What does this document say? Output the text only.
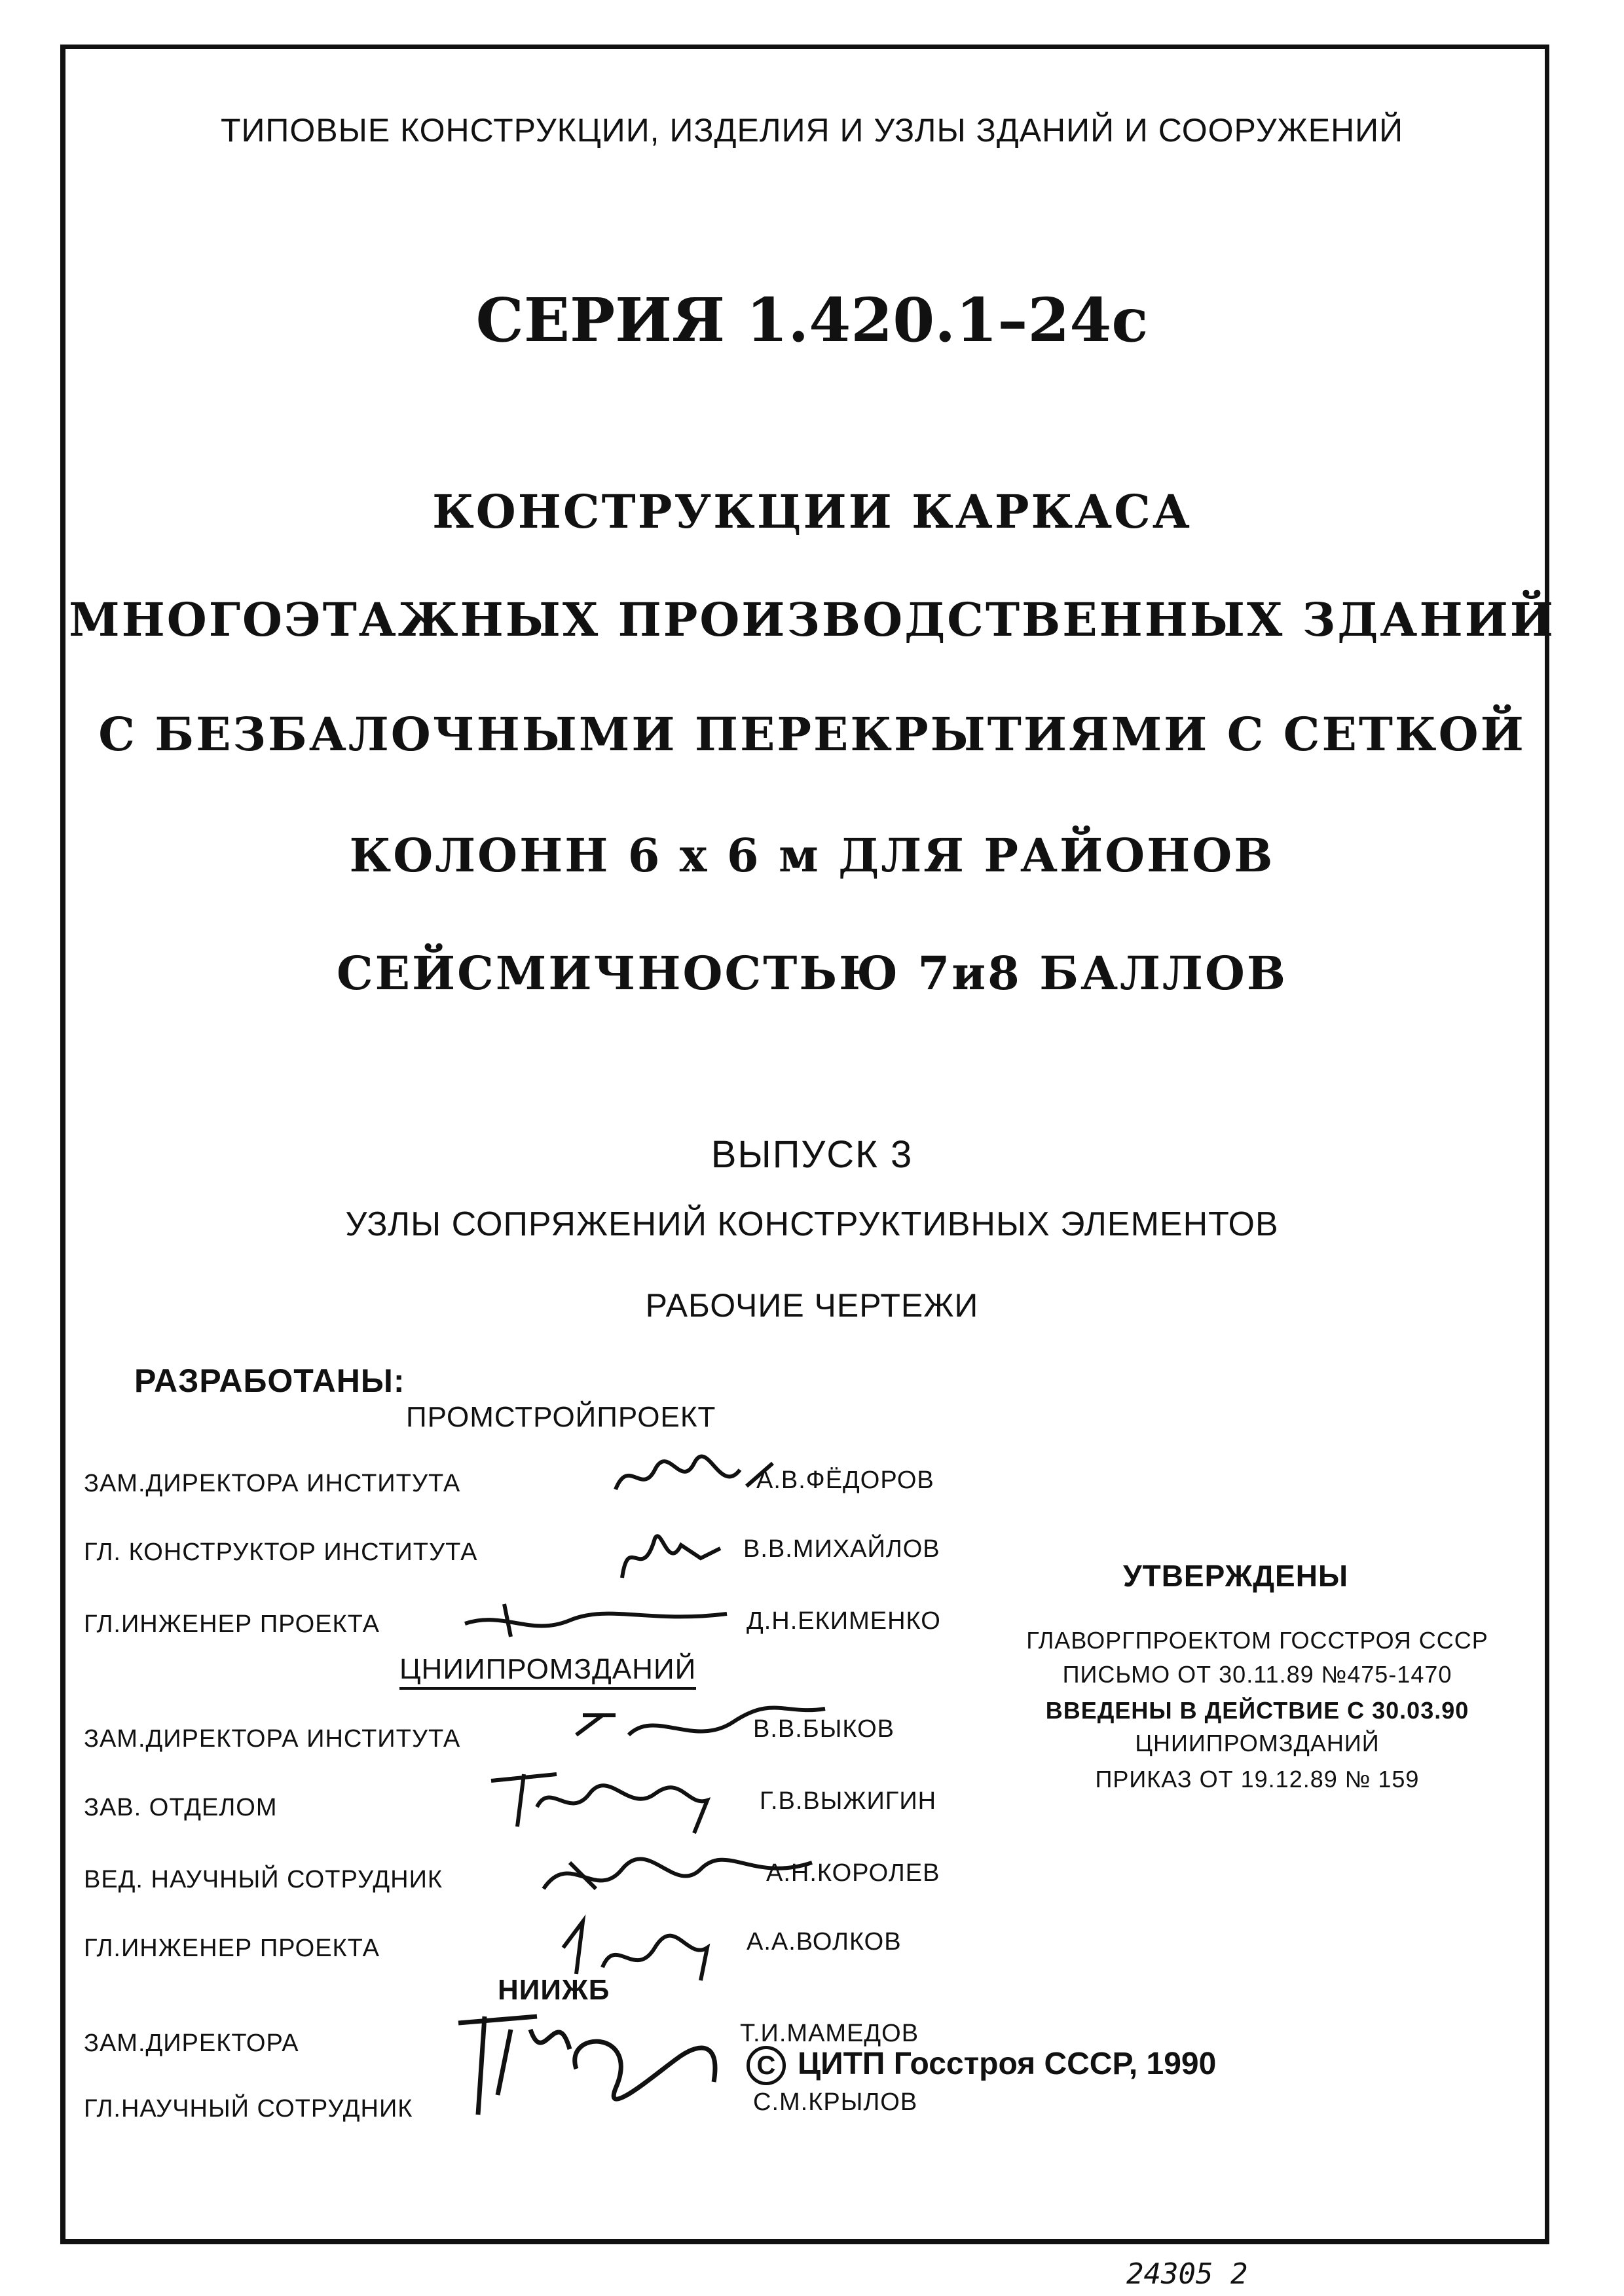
ТИПОВЫЕ КОНСТРУКЦИИ, ИЗДЕЛИЯ И УЗЛЫ ЗДАНИЙ И СООРУЖЕНИЙ
СЕРИЯ 1.420.1–24с
КОНСТРУКЦИИ КАРКАСА
МНОГОЭТАЖНЫХ ПРОИЗВОДСТВЕННЫХ ЗДАНИЙ
С БЕЗБАЛОЧНЫМИ ПЕРЕКРЫТИЯМИ С СЕТКОЙ
КОЛОНН 6 х 6 м ДЛЯ РАЙОНОВ
СЕЙСМИЧНОСТЬЮ 7и8 БАЛЛОВ
ВЫПУСК 3
УЗЛЫ СОПРЯЖЕНИЙ КОНСТРУКТИВНЫХ ЭЛЕМЕНТОВ
РАБОЧИЕ ЧЕРТЕЖИ
РАЗРАБОТАНЫ:
ПРОМСТРОЙПРОЕКТ
ЗАМ.ДИРЕКТОРА ИНСТИТУТА	А.В.ФЁДОРОВ
ГЛ. КОНСТРУКТОР ИНСТИТУТА	В.В.МИХАЙЛОВ
ГЛ.ИНЖЕНЕР ПРОЕКТА	Д.Н.ЕКИМЕНКО
ЦНИИПРОМЗДАНИЙ
ЗАМ.ДИРЕКТОРА ИНСТИТУТА	В.В.БЫКОВ
ЗАВ. ОТДЕЛОМ	Г.В.ВЫЖИГИН
ВЕД. НАУЧНЫЙ СОТРУДНИК	А.Н.КОРОЛЕВ
ГЛ.ИНЖЕНЕР ПРОЕКТА	А.А.ВОЛКОВ
НИИЖБ
ЗАМ.ДИРЕКТОРА	Т.И.МАМЕДОВ
ГЛ.НАУЧНЫЙ СОТРУДНИК	С.М.КРЫЛОВ
УТВЕРЖДЕНЫ
ГЛАВОРГПРОЕКТОМ ГОССТРОЯ СССР
ПИСЬМО ОТ 30.11.89 №475-1470
ВВЕДЕНЫ В ДЕЙСТВИЕ С 30.03.90
ЦНИИПРОМЗДАНИЙ
ПРИКАЗ ОТ 19.12.89 № 159
C ЦИТП Госстроя СССР, 1990
24305 2
